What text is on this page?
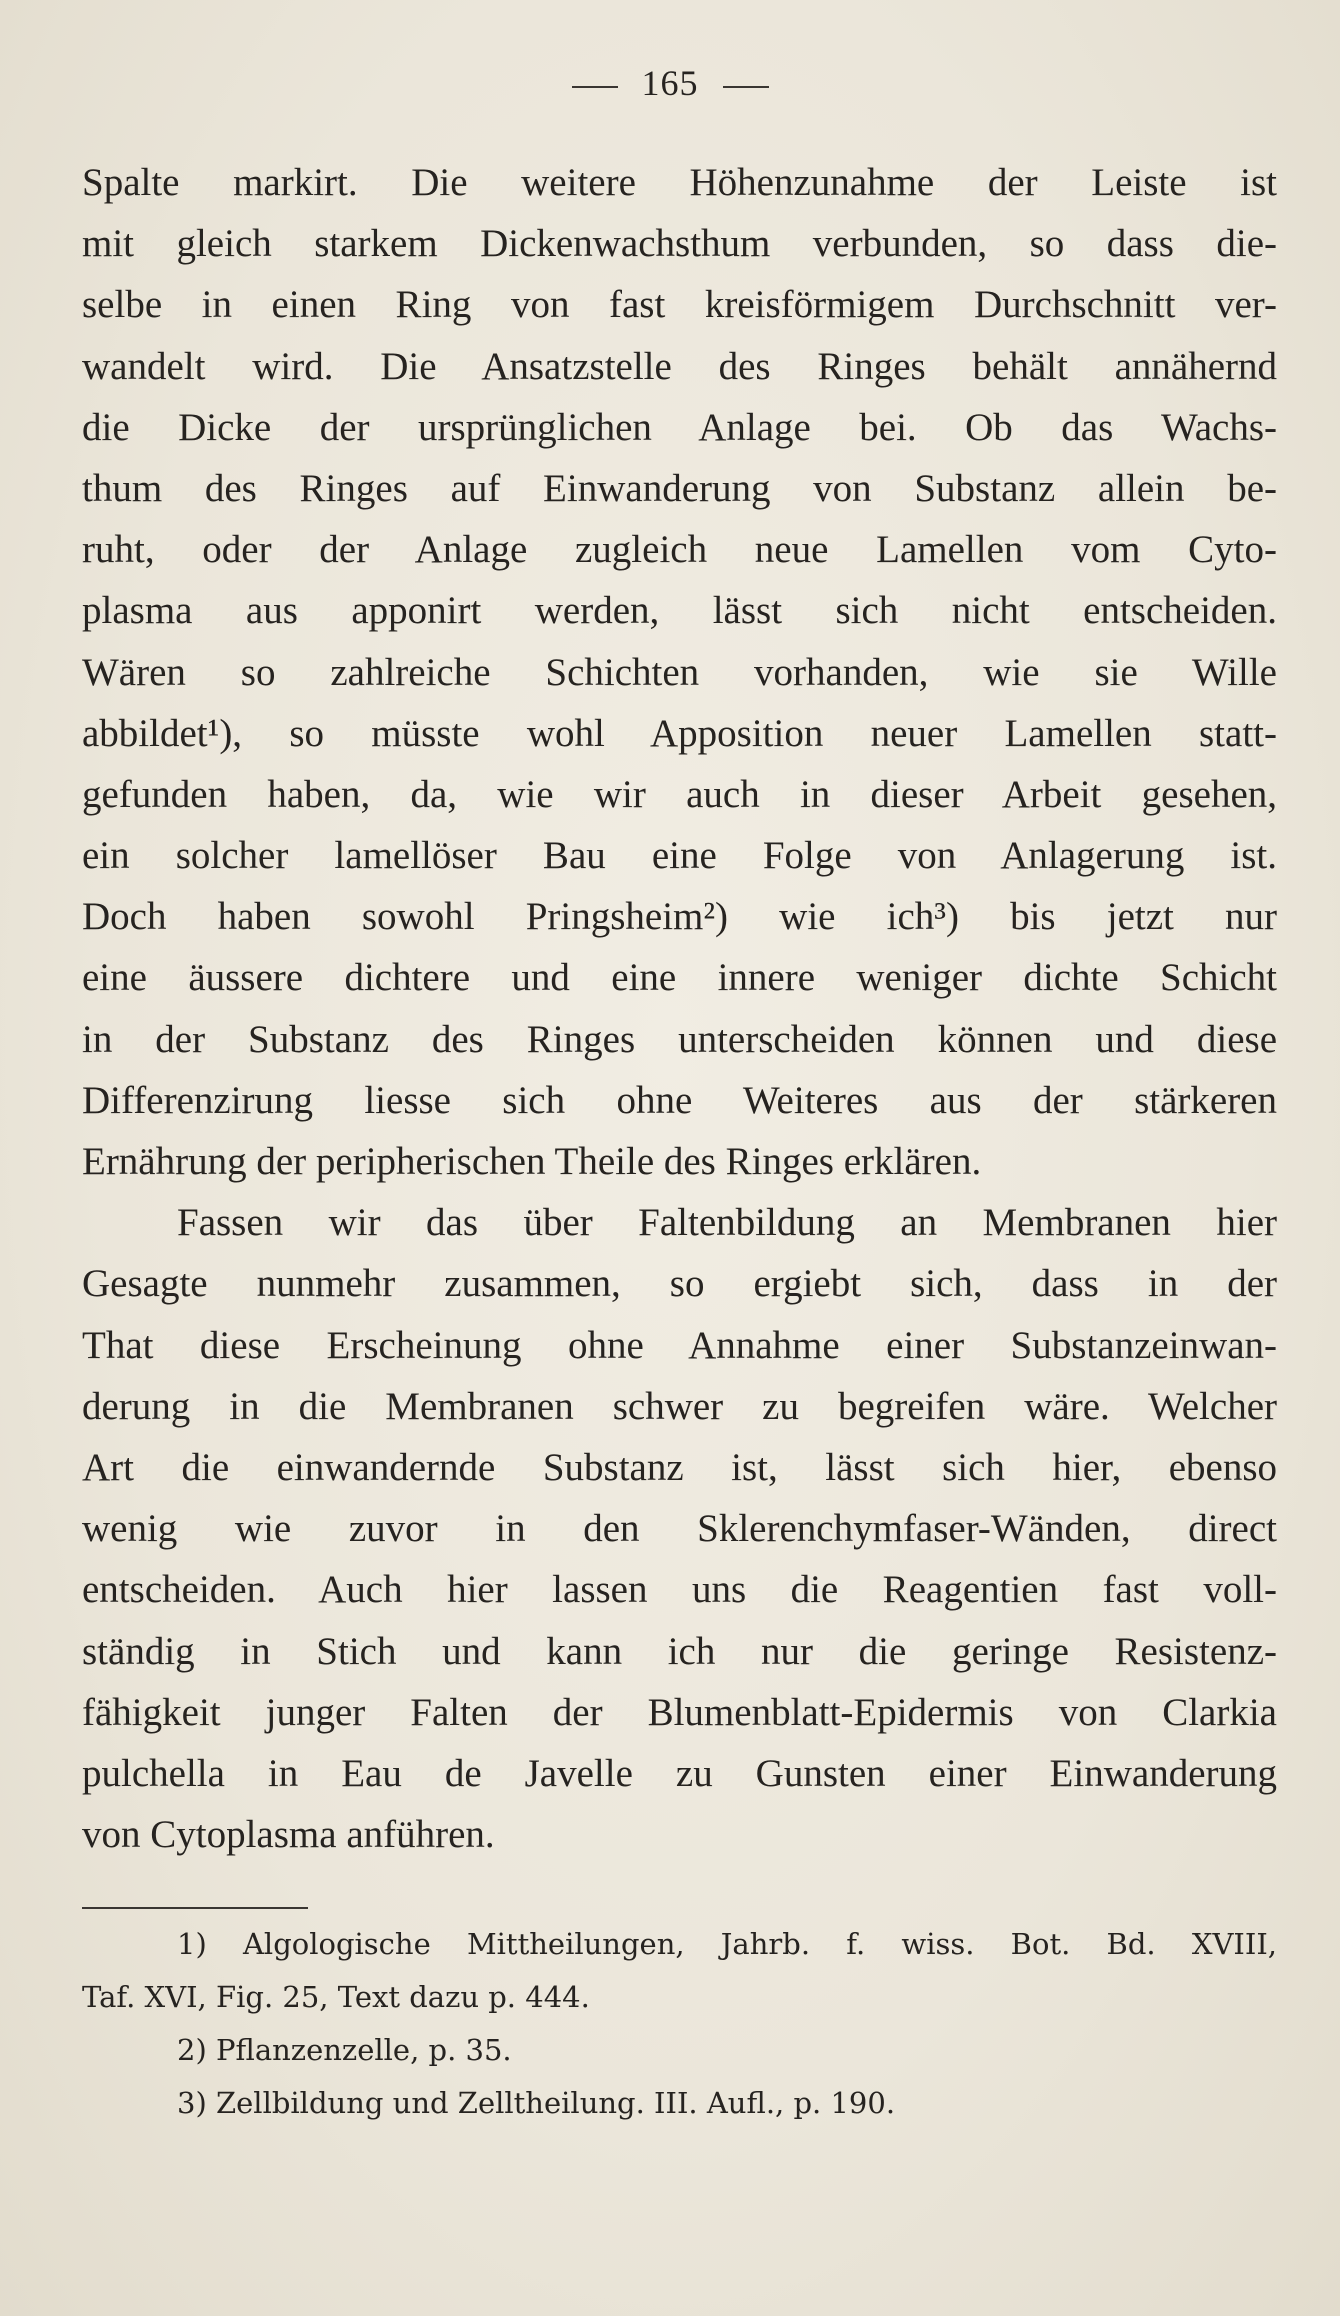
165
Spalte markirt. Die weitere Höhenzunahme der Leiste ist
mit gleich starkem Dickenwachsthum verbunden, so dass die-
selbe in einen Ring von fast kreisförmigem Durchschnitt ver-
wandelt wird. Die Ansatzstelle des Ringes behält annähernd
die Dicke der ursprünglichen Anlage bei. Ob das Wachs-
thum des Ringes auf Einwanderung von Substanz allein be-
ruht, oder der Anlage zugleich neue Lamellen vom Cyto-
plasma aus apponirt werden, lässt sich nicht entscheiden.
Wären so zahlreiche Schichten vorhanden, wie sie Wille
abbildet¹), so müsste wohl Apposition neuer Lamellen statt-
gefunden haben, da, wie wir auch in dieser Arbeit gesehen,
ein solcher lamellöser Bau eine Folge von Anlagerung ist.
Doch haben sowohl Pringsheim²) wie ich³) bis jetzt nur
eine äussere dichtere und eine innere weniger dichte Schicht
in der Substanz des Ringes unterscheiden können und diese
Differenzirung liesse sich ohne Weiteres aus der stärkeren
Ernährung der peripherischen Theile des Ringes erklären.
Fassen wir das über Faltenbildung an Membranen hier
Gesagte nunmehr zusammen, so ergiebt sich, dass in der
That diese Erscheinung ohne Annahme einer Substanzeinwan-
derung in die Membranen schwer zu begreifen wäre. Welcher
Art die einwandernde Substanz ist, lässt sich hier, ebenso
wenig wie zuvor in den Sklerenchymfaser-Wänden, direct
entscheiden. Auch hier lassen uns die Reagentien fast voll-
ständig in Stich und kann ich nur die geringe Resistenz-
fähigkeit junger Falten der Blumenblatt-Epidermis von Clarkia
pulchella in Eau de Javelle zu Gunsten einer Einwanderung
von Cytoplasma anführen.
1) Algologische Mittheilungen, Jahrb. f. wiss. Bot. Bd. XVIII,
Taf. XVI, Fig. 25, Text dazu p. 444.
2) Pflanzenzelle, p. 35.
3) Zellbildung und Zelltheilung. III. Aufl., p. 190.
